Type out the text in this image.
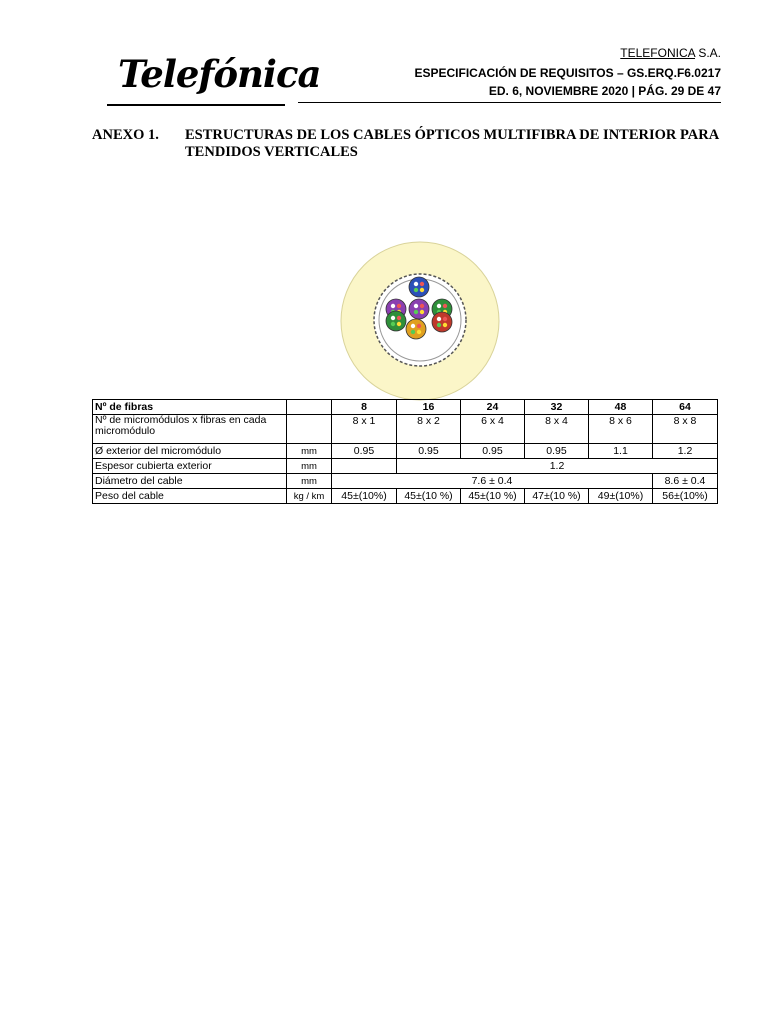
Telefónica	TELEFONICA S.A.
ESPECIFICACIÓN DE REQUISITOS – GS.ERQ.F6.0217
ED. 6, NOVIEMBRE 2020 | PÁG. 29 DE 47
ANEXO 1. ESTRUCTURAS DE LOS CABLES ÓPTICOS MULTIFIBRA DE INTERIOR PARA TENDIDOS VERTICALES
Nº de fibras		8	16	24	32	48	64
Nº de micromódulos x fibras en cada micromódulo		8 x 1	8 x 2	6 x 4	8 x 4	8 x 6	8 x 8
Ø exterior del micromódulo	mm	0.95	0.95	0.95	0.95	1.1	1.2
Espesor cubierta exterior	mm		1.2				
Diámetro del cable	mm	7.6 ± 0.4					8.6 ± 0.4
Peso del cable	kg / km	45±(10%)	45±(10 %)	45±(10 %)	47±(10 %)	49±(10%)	56±(10%)
